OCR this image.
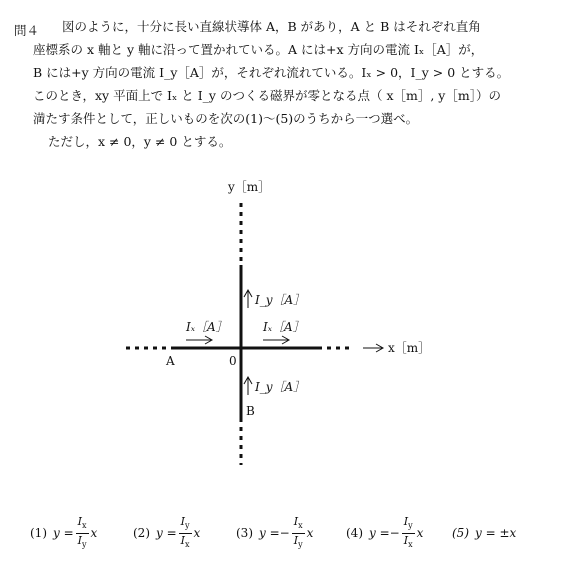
問４ 図のように，十分に長い直線状導体 A，B があり，A と B はそれぞれ直角
座標系の x 軸と y 軸に沿って置かれている。A には+x 方向の電流 Iₓ［A］が，
B には+y 方向の電流 I_y［A］が，それぞれ流れている。Iₓ > 0，I_y > 0 とする。
このとき，xy 平面上で Iₓ と I_y のつくる磁界が零となる点（ x［m］, y［m］）の
満たす条件として，正しいものを次の(1)〜(5)のうちから一つ選べ。
ただし，x ≠ 0，y ≠ 0 とする。
y［m］
x［m］
0
A
B
I_y［A］
I_y［A］
Iₓ［A］	Iₓ［A］
(1) $y = \frac{I_x}{I_y}$ x	(2) $y = \frac{I_y}{I_x}$ x	(3) y = − $\frac{I_x}{I_y}$ x	(4) y = − $\frac{I_y}{I_x}$ x (5) y = ±x
